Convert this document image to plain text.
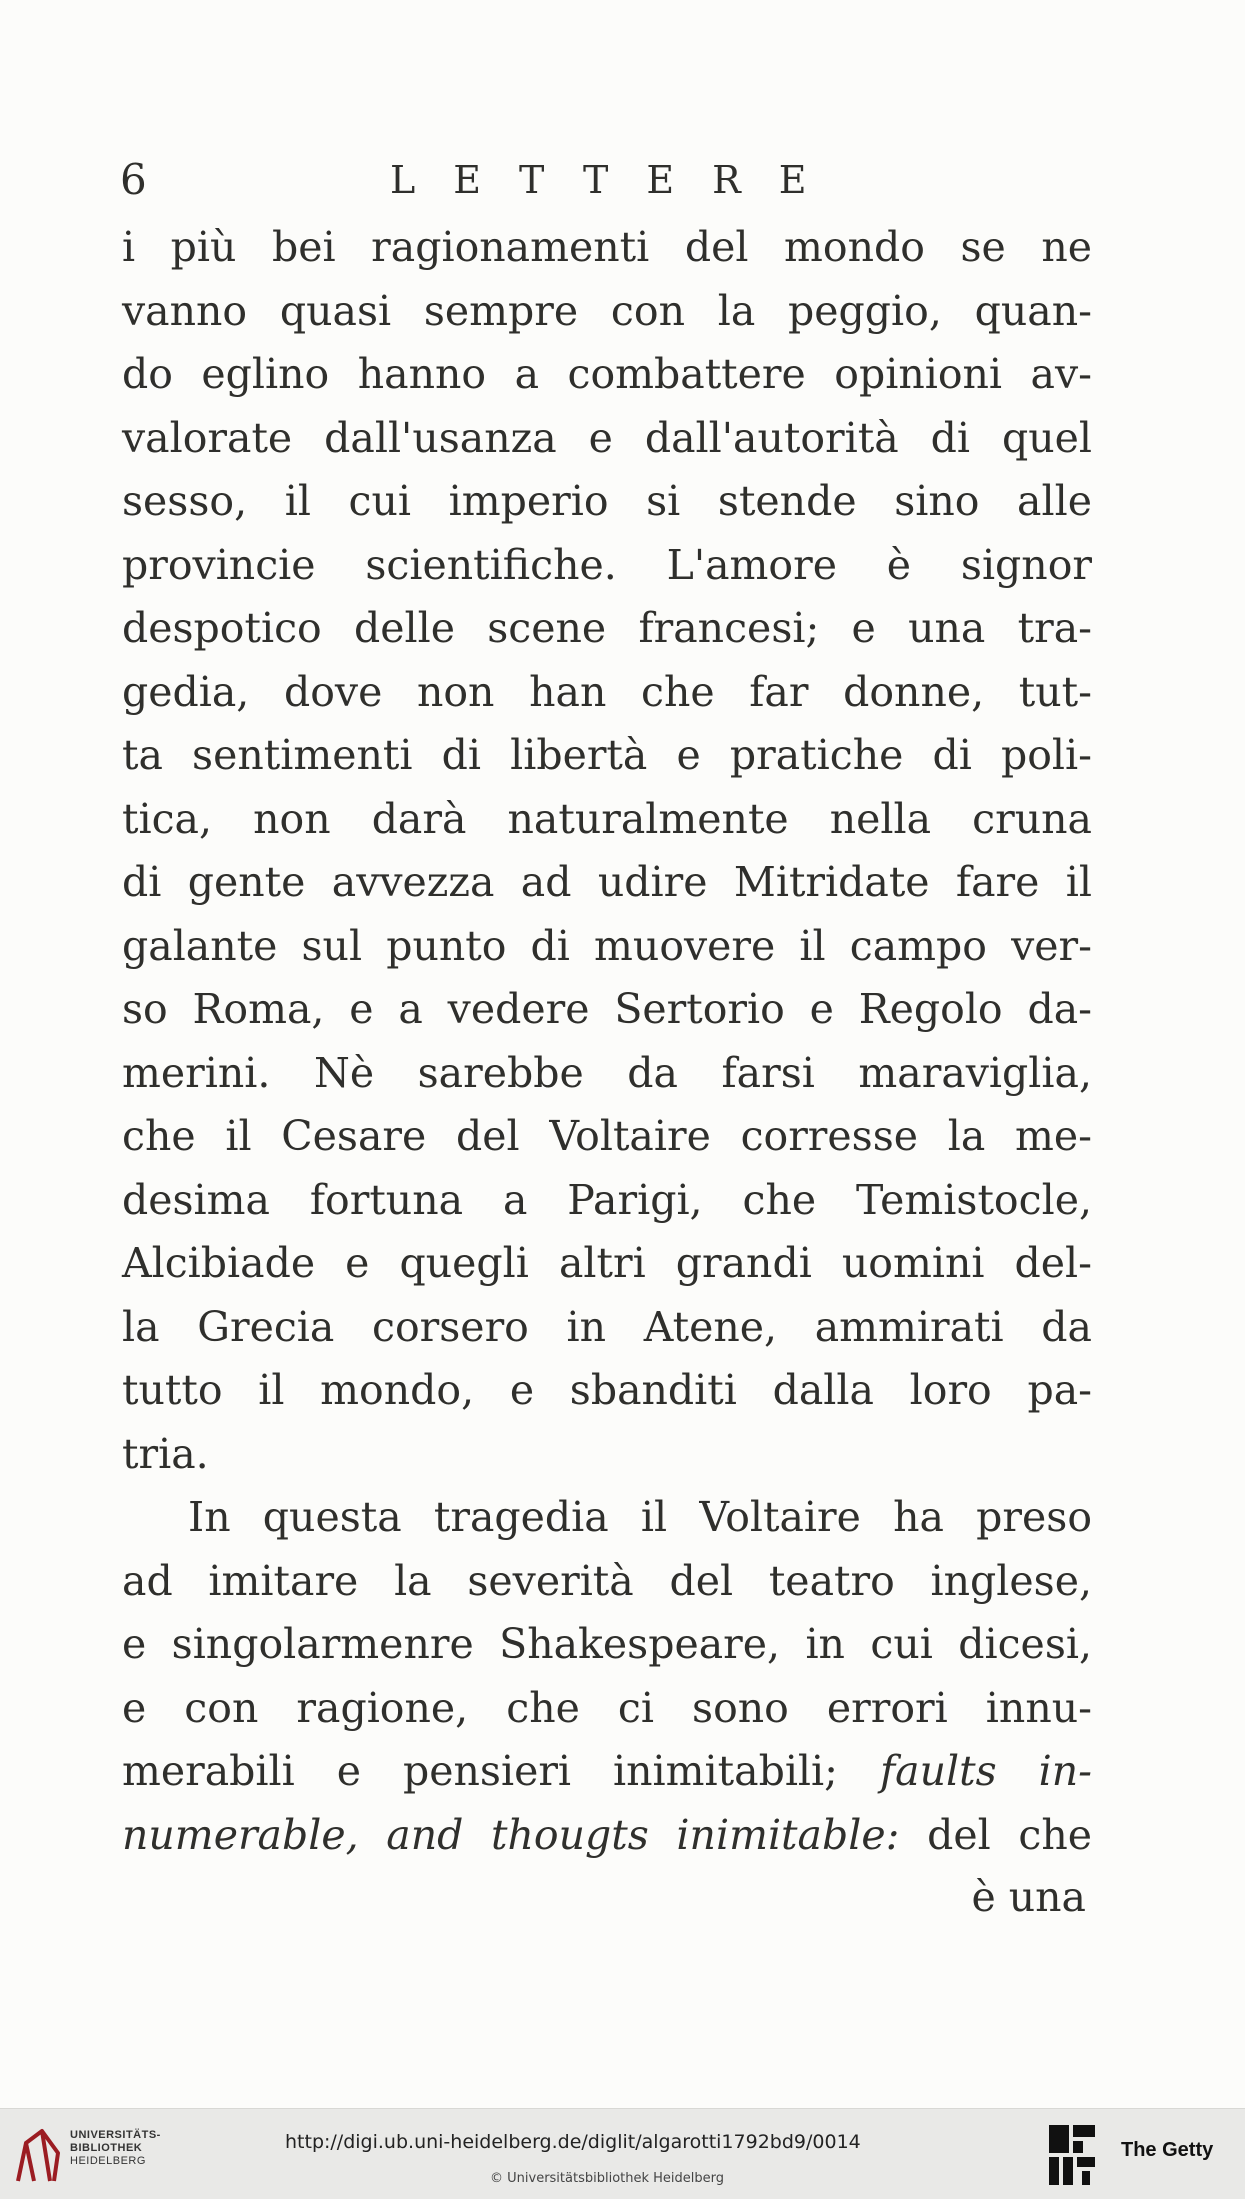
6	LETTERE
i più bei ragionamenti del mondo se ne
vanno quasi sempre con la peggio, quan-
do eglino hanno a combattere opinioni av-
valorate dall'usanza e dall'autorità di quel
sesso, il cui imperio si stende sino alle
provincie scientifiche. L'amore è signor
despotico delle scene francesi; e una tra-
gedia, dove non han che far donne, tut-
ta sentimenti di libertà e pratiche di poli-
tica, non darà naturalmente nella cruna
di gente avvezza ad udire Mitridate fare il
galante sul punto di muovere il campo ver-
so Roma, e a vedere Sertorio e Regolo da-
merini. Nè sarebbe da farsi maraviglia,
che il Cesare del Voltaire corresse la me-
desima fortuna a Parigi, che Temistocle,
Alcibiade e quegli altri grandi uomini del-
la Grecia corsero in Atene, ammirati da
tutto il mondo, e sbanditi dalla loro pa-
tria.
In questa tragedia il Voltaire ha preso
ad imitare la severità del teatro inglese,
e singolarmenre Shakespeare, in cui dicesi,
e con ragione, che ci sono errori innu-
merabili e pensieri inimitabili; faults in-
numerable, and thougts inimitable: del che
è una
UNIVERSITÄTS-
BIBLIOTHEK
HEIDELBERG
http://digi.ub.uni-heidelberg.de/diglit/algarotti1792bd9/0014
© Universitätsbibliothek Heidelberg
The Getty
